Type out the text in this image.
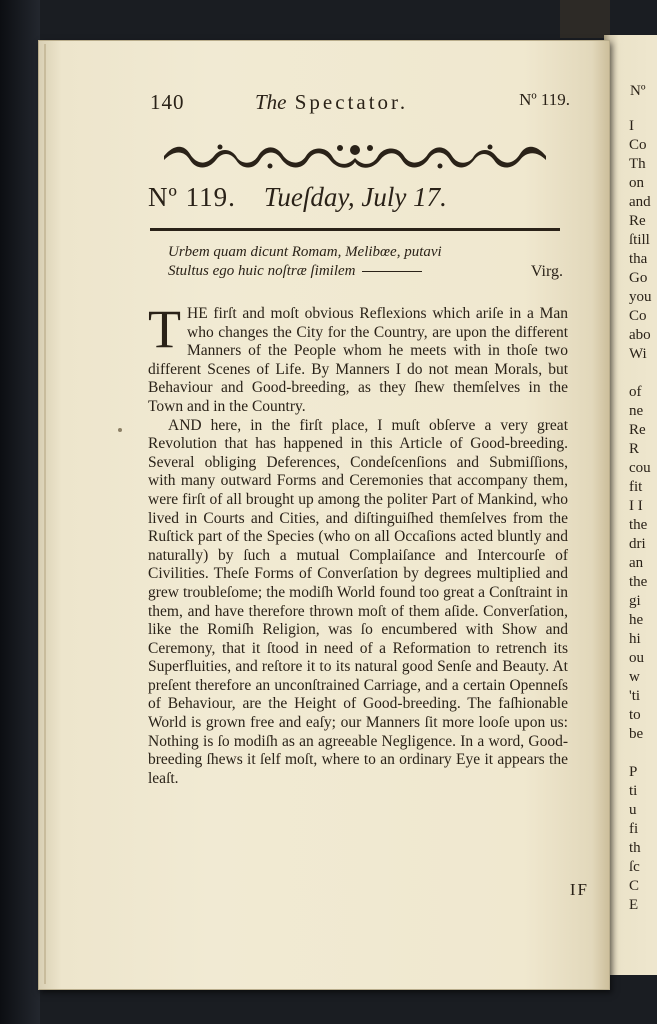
Nº
I
Co
Th
on
and
Re
ſtill
tha
Go
you
Co
abo
Wi
of
ne
Re
R
cou
fit
I I
the
dri
an
the
gi
he
hi
ou
w
'ti
to
be
P
ti
u
fi
th
ſc
C
E
140	The Spectator.	Nº 119.
Nº 119. Tueſday, July 17.
Urbem quam dicunt Romam, Melibœe, putavi
Stultus ego huic noſtræ ſimilem	Virg.

THE firſt and moſt obvious Reflexions which ariſe in a Man who changes the City for the Country, are upon the different Manners of the People whom he meets with in thoſe two different Scenes of Life. By Manners I do not mean Morals, but Behaviour and Good-breeding, as they ſhew themſelves in the Town and in the Country.

AND here, in the firſt place, I muſt obſerve a very great Revolution that has happened in this Article of Good-breeding. Several obliging Deferences, Condeſcenſions and Submiſſions, with many outward Forms and Ceremonies that accompany them, were firſt of all brought up among the politer Part of Mankind, who lived in Courts and Cities, and diſtinguiſhed themſelves from the Ruſtick part of the Species (who on all Occaſions acted bluntly and naturally) by ſuch a mutual Complaiſance and Intercourſe of Civilities. Theſe Forms of Converſation by degrees multiplied and grew troubleſome; the modiſh World found too great a Conſtraint in them, and have therefore thrown moſt of them aſide. Converſation, like the Romiſh Religion, was ſo encumbered with Show and Ceremony, that it ſtood in need of a Reformation to retrench its Superfluities, and reſtore it to its natural good Senſe and Beauty. At preſent therefore an unconſtrained Carriage, and a certain Openneſs of Behaviour, are the Height of Good-breeding. The faſhionable World is grown free and eaſy; our Manners ſit more looſe upon us: Nothing is ſo modiſh as an agreeable Negligence. In a word, Good-breeding ſhews it ſelf moſt, where to an ordinary Eye it appears the leaſt.

IF
